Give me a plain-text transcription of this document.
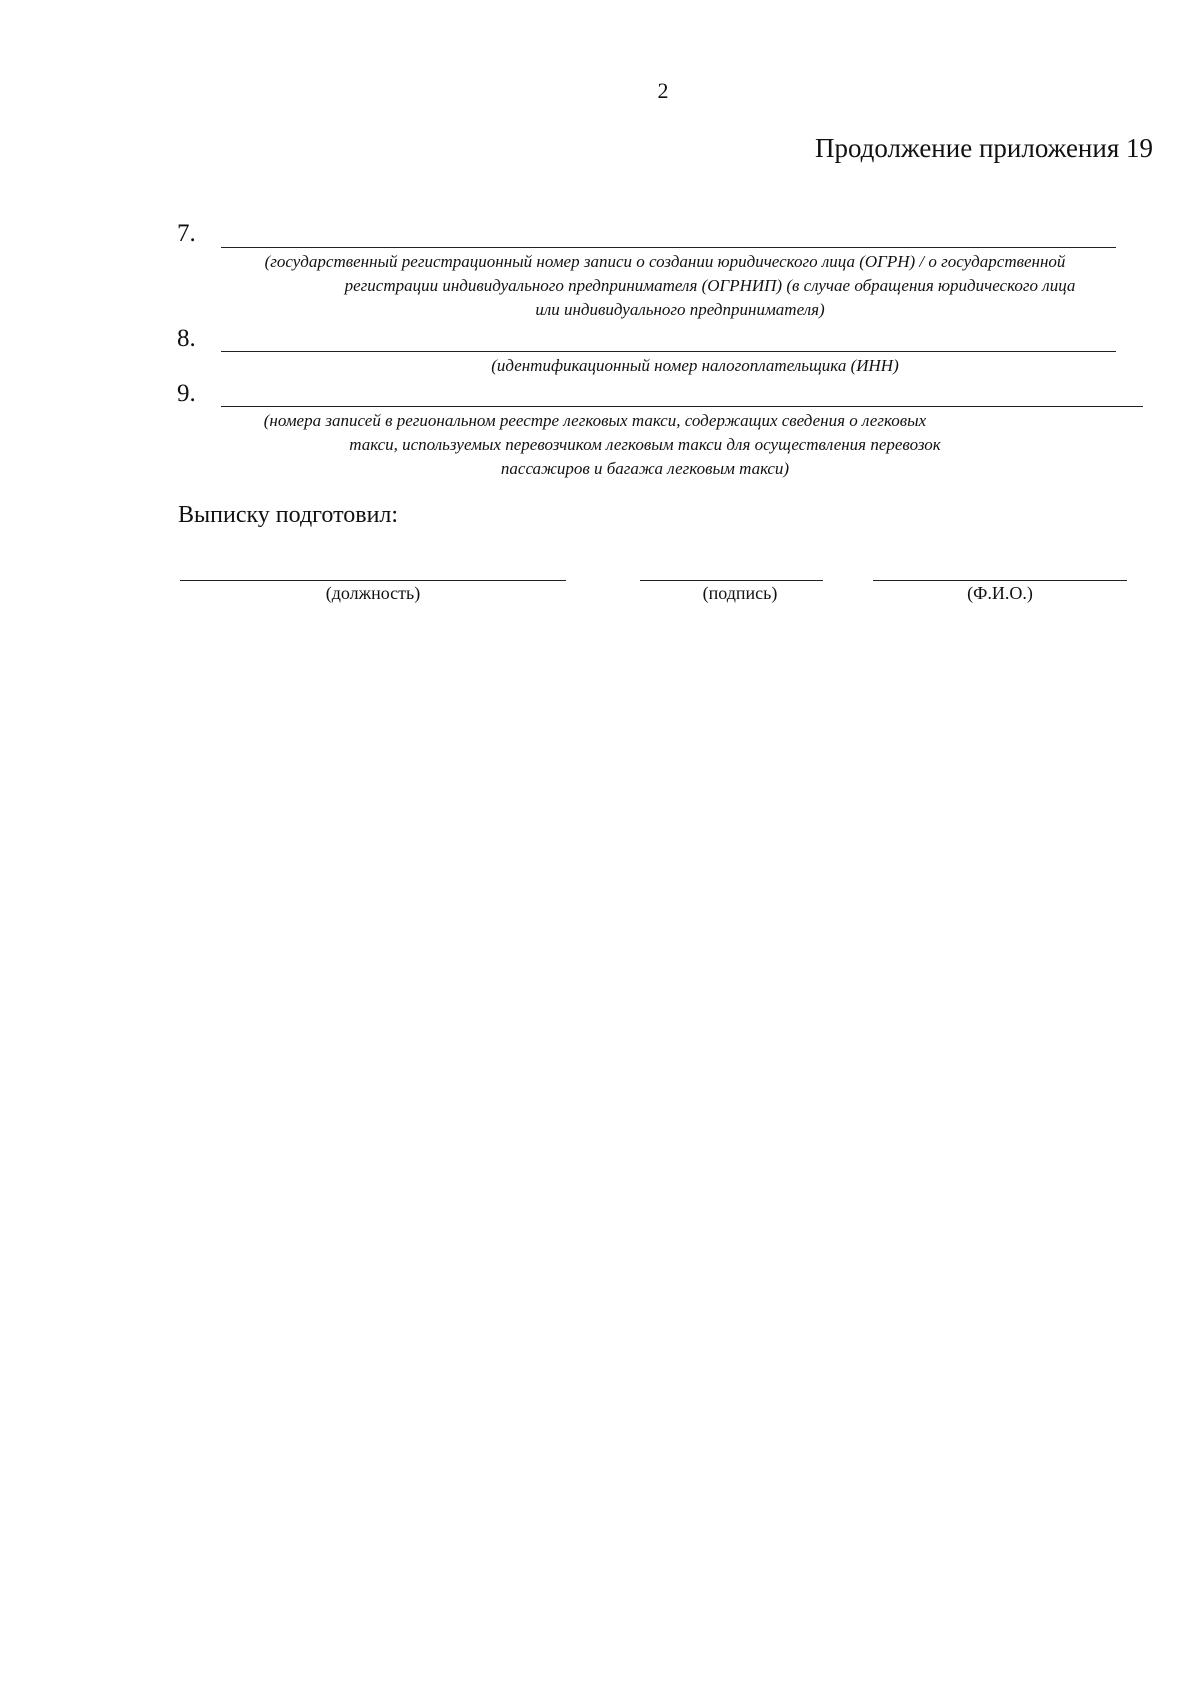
2
Продолжение приложения 19
7.
(государственный регистрационный номер записи о создании юридического лица (ОГРН) / о государственной
регистрации индивидуального предпринимателя (ОГРНИП) (в случае обращения юридического лица
или индивидуального предпринимателя)
8.
(идентификационный номер налогоплательщика (ИНН)
9.
(номера записей в региональном реестре легковых такси, содержащих сведения о легковых
такси, используемых перевозчиком легковым такси для осуществления перевозок
пассажиров и багажа легковым такси)
Выписку подготовил:
(должность)	(подпись)	(Ф.И.О.)
